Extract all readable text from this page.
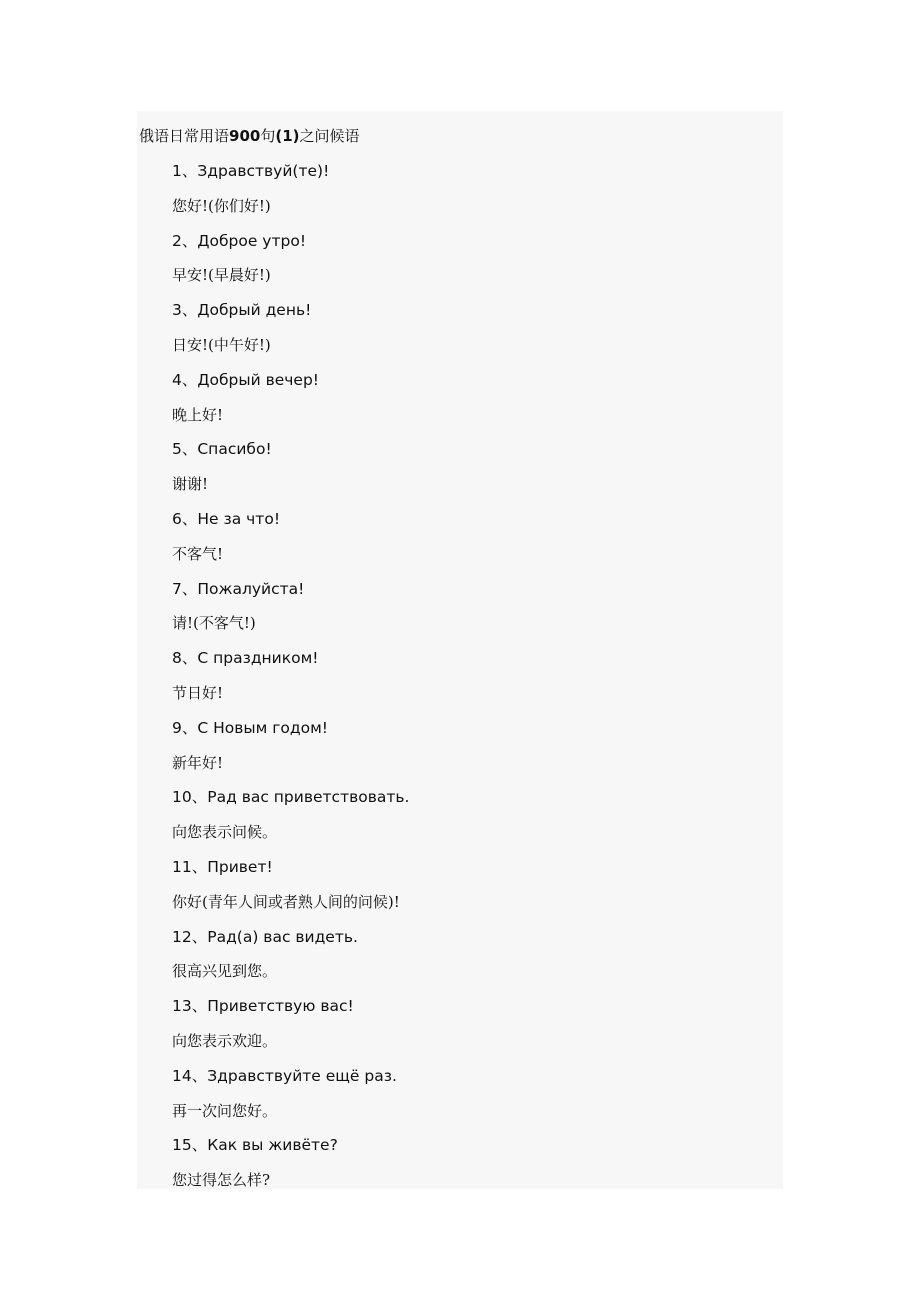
俄语日常用语900句(1)之问候语
1、Здравствуй(те)!
您好!(你们好!)
2、Доброе утро!
早安!(早晨好!)
3、Добрый день!
日安!(中午好!)
4、Добрый вечер!
晚上好!
5、Спасибо!
谢谢!
6、Не за что!
不客气!
7、Пожалуйста!
请!(不客气!)
8、С праздником!
节日好!
9、С Новым годом!
新年好!
10、Рад вас приветствовать.
向您表示问候。
11、Привет!
你好(青年人间或者熟人间的问候)!
12、Рад(а) вас видеть.
很高兴见到您。
13、Приветствую вас!
向您表示欢迎。
14、Здравствуйте ещё раз.
再一次问您好。
15、Как вы живёте?
您过得怎么样?
